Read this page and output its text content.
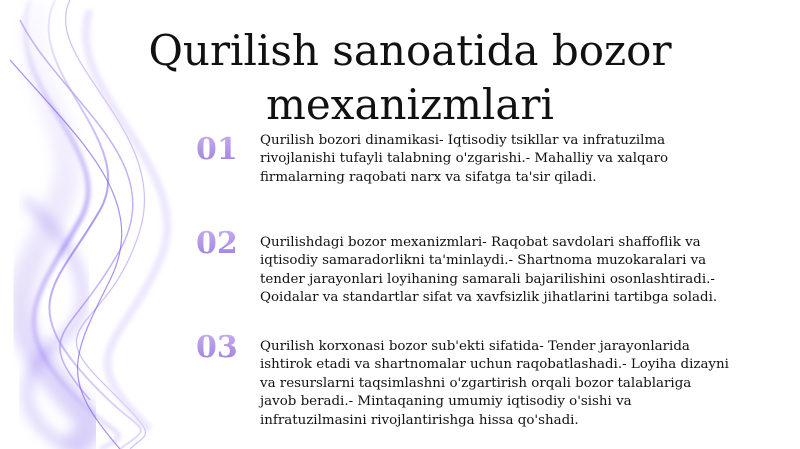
Qurilish sanoatida bozor mexanizmlari
01	Qurilish bozori dinamikasi- Iqtisodiy tsikllar va infratuzilma rivojlanishi tufayli talabning o'zgarishi.- Mahalliy va xalqaro firmalarning raqobati narx va sifatga ta'sir qiladi.
02	Qurilishdagi bozor mexanizmlari- Raqobat savdolari shaffoflik va iqtisodiy samaradorlikni ta'minlaydi.- Shartnoma muzokaralari va tender jarayonlari loyihaning samarali bajarilishini osonlashtiradi.- Qoidalar va standartlar sifat va xavfsizlik jihatlarini tartibga soladi.
03	Qurilish korxonasi bozor sub'ekti sifatida- Tender jarayonlarida ishtirok etadi va shartnomalar uchun raqobatlashadi.- Loyiha dizayni va resurslarni taqsimlashni o'zgartirish orqali bozor talablariga javob beradi.- Mintaqaning umumiy iqtisodiy o'sishi va infratuzilmasini rivojlantirishga hissa qo'shadi.
